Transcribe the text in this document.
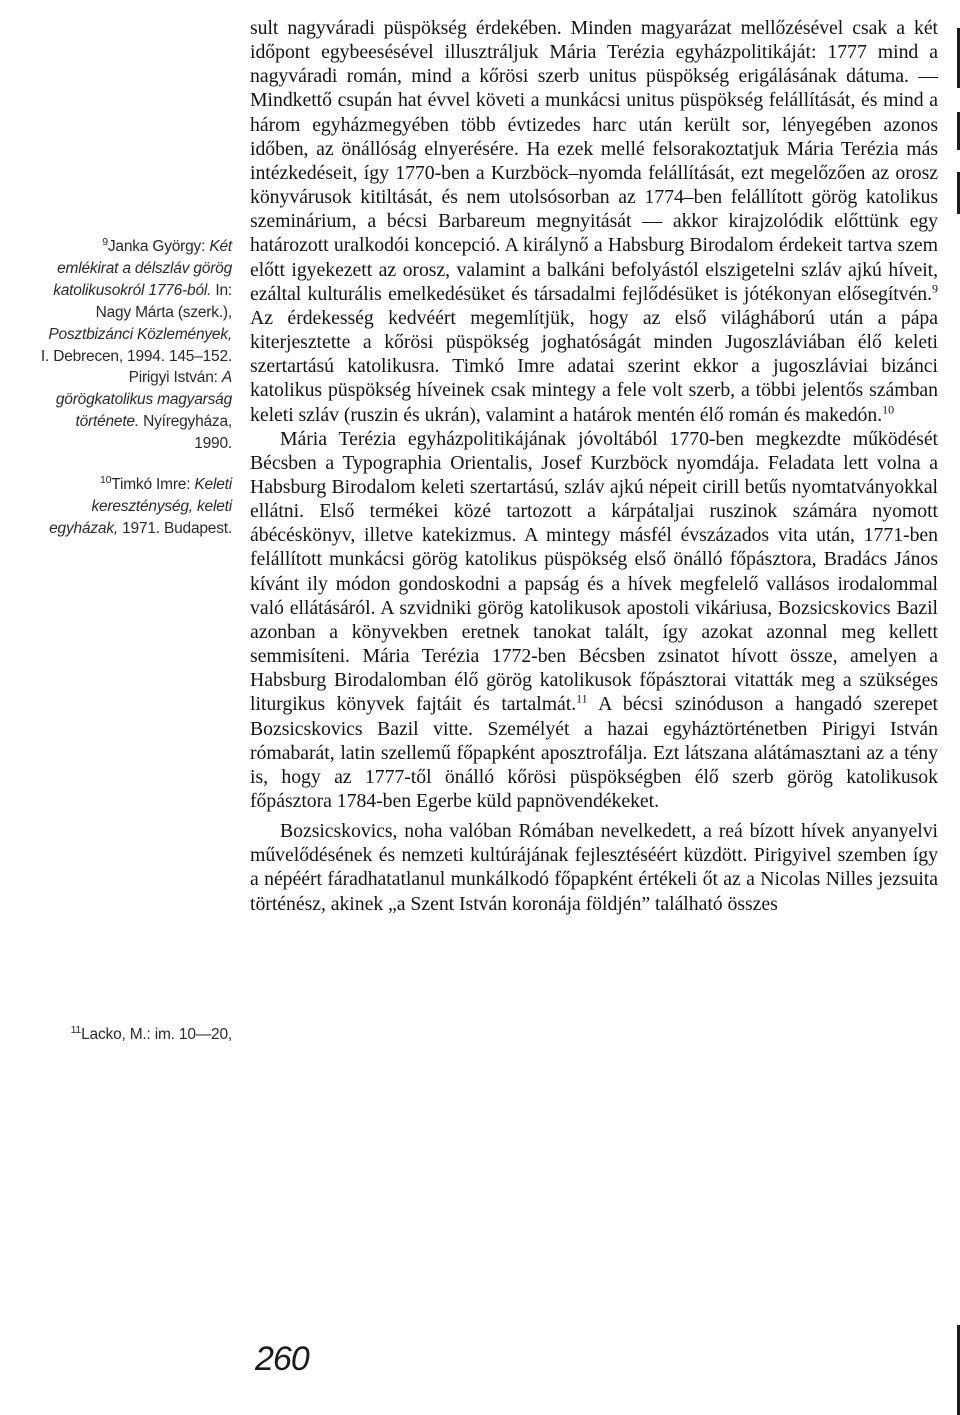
$^9$Janka György: Két emlékirat a délszláv görög katolikusokról 1776-ból. In: Nagy Márta (szerk.), Posztbizánci Közlemények, I. Debrecen, 1994. 145–152. Pirigyi István: A görögkatolikus magyarság története. Nyíregyháza, 1990.

$^{10}$Timkó Imre: Keleti kereszténység, keleti egyházak, 1971. Budapest.

$^{11}$Lacko, M.: im. 10—20,

sult nagyváradi püspökség érdekében. Minden magyarázat mellőzésével csak a két időpont egybeesésével illusztráljuk Mária Terézia egyházpolitikáját: 1777 mind a nagyváradi román, mind a kőrösi szerb unitus püspökség erigálásának dátuma. — Mindkettő csupán hat évvel követi a munkácsi unitus püspökség felállítását, és mind a három egyházmegyében több évtizedes harc után került sor, lényegében azonos időben, az önállóság elnyerésére. Ha ezek mellé felsorakoztatjuk Mária Terézia más intézkedéseit, így 1770-ben a Kurzböck–nyomda felállítását, ezt megelőzően az orosz könyvárusok kitiltását, és nem utolsósorban az 1774–ben felállított görög katolikus szeminárium, a bécsi Barbareum megnyitását — akkor kirajzolódik előttünk egy határozott uralkodói koncepció. A királynő a Habsburg Birodalom érdekeit tartva szem előtt igyekezett az orosz, valamint a balkáni befolyástól elszigetelni szláv ajkú híveit, ezáltal kulturális emelkedésüket és társadalmi fejlődésüket is jótékonyan elősegítvén.$^9$ Az érdekesség kedvéért megemlítjük, hogy az első világháború után a pápa kiterjesztette a kőrösi püspökség joghatóságát minden Jugoszláviában élő keleti szertartású katolikusra. Timkó Imre adatai szerint ekkor a jugoszláviai bizánci katolikus püspökség híveinek csak mintegy a fele volt szerb, a többi jelentős számban keleti szláv (ruszin és ukrán), valamint a határok mentén élő román és makedón.$^{10}$

Mária Terézia egyházpolitikájának jóvoltából 1770-ben megkezdte működését Bécsben a Typographia Orientalis, Josef Kurzböck nyomdája. Feladata lett volna a Habsburg Birodalom keleti szertartású, szláv ajkú népeit cirill betűs nyomtatványokkal ellátni. Első termékei közé tartozott a kárpátaljai ruszinok számára nyomott ábécéskönyv, illetve katekizmus. A mintegy másfél évszázados vita után, 1771-ben felállított munkácsi görög katolikus püspökség első önálló főpásztora, Bradács János kívánt ily módon gondoskodni a papság és a hívek megfelelő vallásos irodalommal való ellátásáról. A szvidniki görög katolikusok apostoli vikáriusa, Bozsicskovics Bazil azonban a könyvekben eretnek tanokat talált, így azokat azonnal meg kellett semmisíteni. Mária Terézia 1772-ben Bécsben zsinatot hívott össze, amelyen a Habsburg Birodalomban élő görög katolikusok főpásztorai vitatták meg a szükséges liturgikus könyvek fajtáit és tartalmát.$^{11}$ A bécsi szinóduson a hangadó szerepet Bozsicskovics Bazil vitte. Személyét a hazai egyháztörténetben Pirigyi István rómabarát, latin szellemű főpapként aposztrofálja. Ezt látszana alátámasztani az a tény is, hogy az 1777-től önálló kőrösi püspökségben élő szerb görög katolikusok főpásztora 1784-ben Egerbe küld papnövendékeket.

Bozsicskovics, noha valóban Rómában nevelkedett, a reá bízott hívek anyanyelvi művelődésének és nemzeti kultúrájának fejlesztéséért küzdött. Pirigyivel szemben így a népéért fáradhatatlanul munkálkodó főpapként értékeli őt az a Nicolas Nilles jezsuita történész, akinek „a Szent István koronája földjén” található összes

260
